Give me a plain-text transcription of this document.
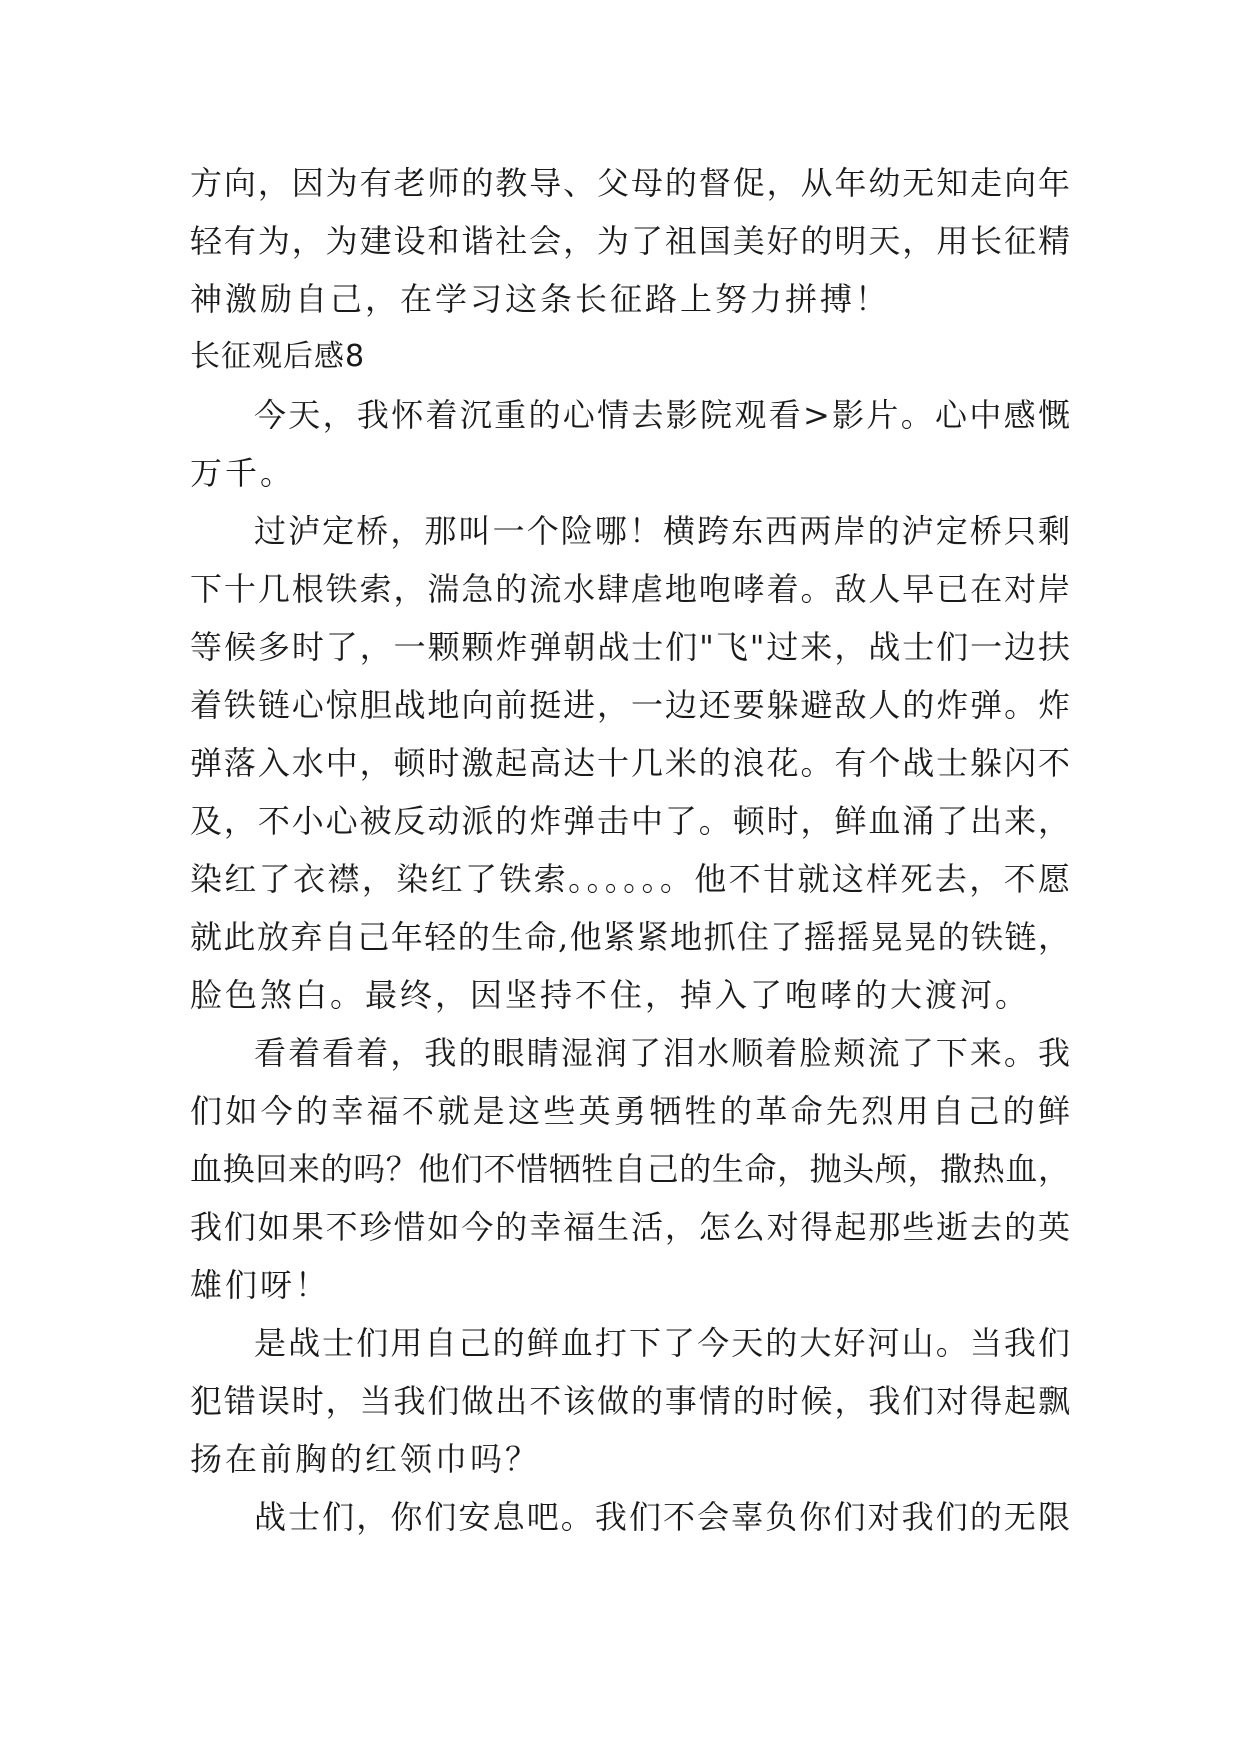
方向，因为有老师的教导、父母的督促，从年幼无知走向年
轻有为，为建设和谐社会，为了祖国美好的明天，用长征精
神激励自己，在学习这条长征路上努力拼搏！
长征观后感8
今天，我怀着沉重的心情去影院观看>影片。心中感慨
万千。
过泸定桥，那叫一个险哪！横跨东西两岸的泸定桥只剩
下十几根铁索，湍急的流水肆虐地咆哮着。敌人早已在对岸
等候多时了，一颗颗炸弹朝战士们"飞"过来，战士们一边扶
着铁链心惊胆战地向前挺进，一边还要躲避敌人的炸弹。炸
弹落入水中，顿时激起高达十几米的浪花。有个战士躲闪不
及，不小心被反动派的炸弹击中了。顿时，鲜血涌了出来，
染红了衣襟，染红了铁索。。。。。。他不甘就这样死去，不愿
就此放弃自己年轻的生命,他紧紧地抓住了摇摇晃晃的铁链，
脸色煞白。最终，因坚持不住，掉入了咆哮的大渡河。
看着看着，我的眼睛湿润了泪水顺着脸颊流了下来。我
们如今的幸福不就是这些英勇牺牲的革命先烈用自己的鲜
血换回来的吗？他们不惜牺牲自己的生命，抛头颅，撒热血，
我们如果不珍惜如今的幸福生活，怎么对得起那些逝去的英
雄们呀！
是战士们用自己的鲜血打下了今天的大好河山。当我们
犯错误时，当我们做出不该做的事情的时候，我们对得起飘
扬在前胸的红领巾吗？
战士们，你们安息吧。我们不会辜负你们对我们的无限
